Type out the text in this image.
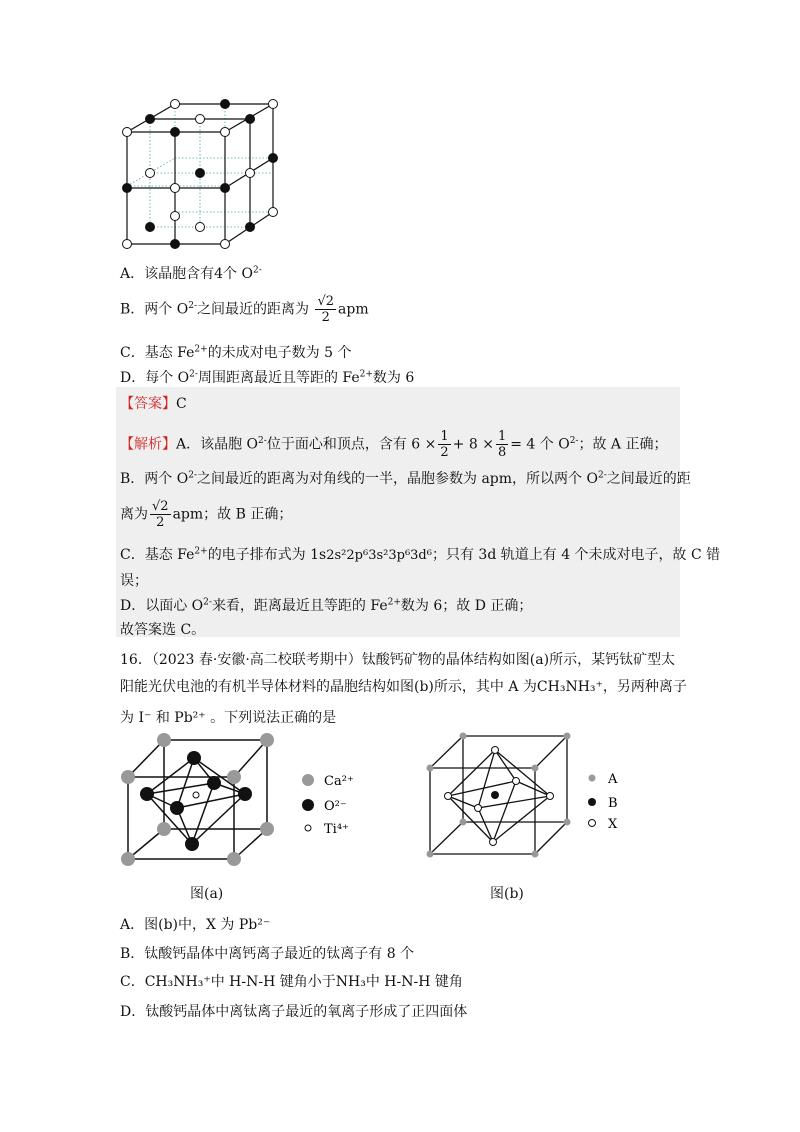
A．该晶胞含有4个 $O^{2-}$
B．两个 $O^{2-}$之间最近的距离为 $\frac{√2}{2}$ apm
C．基态 $Fe^{2+}$的未成对电子数为 5 个
D．每个 $O^{2-}$周围距离最近且等距的 $Fe^{2+}$数为 6
【答案】C
【解析】A．该晶胞 $O^{2-}$位于面心和顶点，含有 $6 \times \frac{1}{2} + 8 \times \frac{1}{8} = 4$ 个 $O^{2-}$；故 A 正确；
B．两个 $O^{2-}$之间最近的距离为对角线的一半，晶胞参数为 apm，所以两个 $O^{2-}$之间最近的距
离为 $\frac{√2}{2}$ apm；故 B 正确；
C．基态 $Fe^{2+}$的电子排布式为 1s2s²2p⁶3s²3p⁶3d⁶；只有 3d 轨道上有 4 个未成对电子，故 C 错
误；
D．以面心 $O^{2-}$来看，距离最近且等距的 $Fe^{2+}$数为 6；故 D 正确；
故答案选 C。
16．（2023 春·安徽·高二校联考期中）钛酸钙矿物的晶体结构如图(a)所示，某钙钛矿型太
阳能光伏电池的有机半导体材料的晶胞结构如图(b)所示，其中 A 为CH₃NH₃⁺，另两种离子
为 I⁻ 和 Pb²⁺ 。下列说法正确的是
Ca²⁺
O²⁻
Ti⁴⁺
图(a)
A
B
X
图(b)
A．图(b)中，X 为 Pb²⁻
B．钛酸钙晶体中离钙离子最近的钛离子有 8 个
C．CH₃NH₃⁺中 H-N-H 键角小于NH₃中 H-N-H 键角
D．钛酸钙晶体中离钛离子最近的氧离子形成了正四面体
